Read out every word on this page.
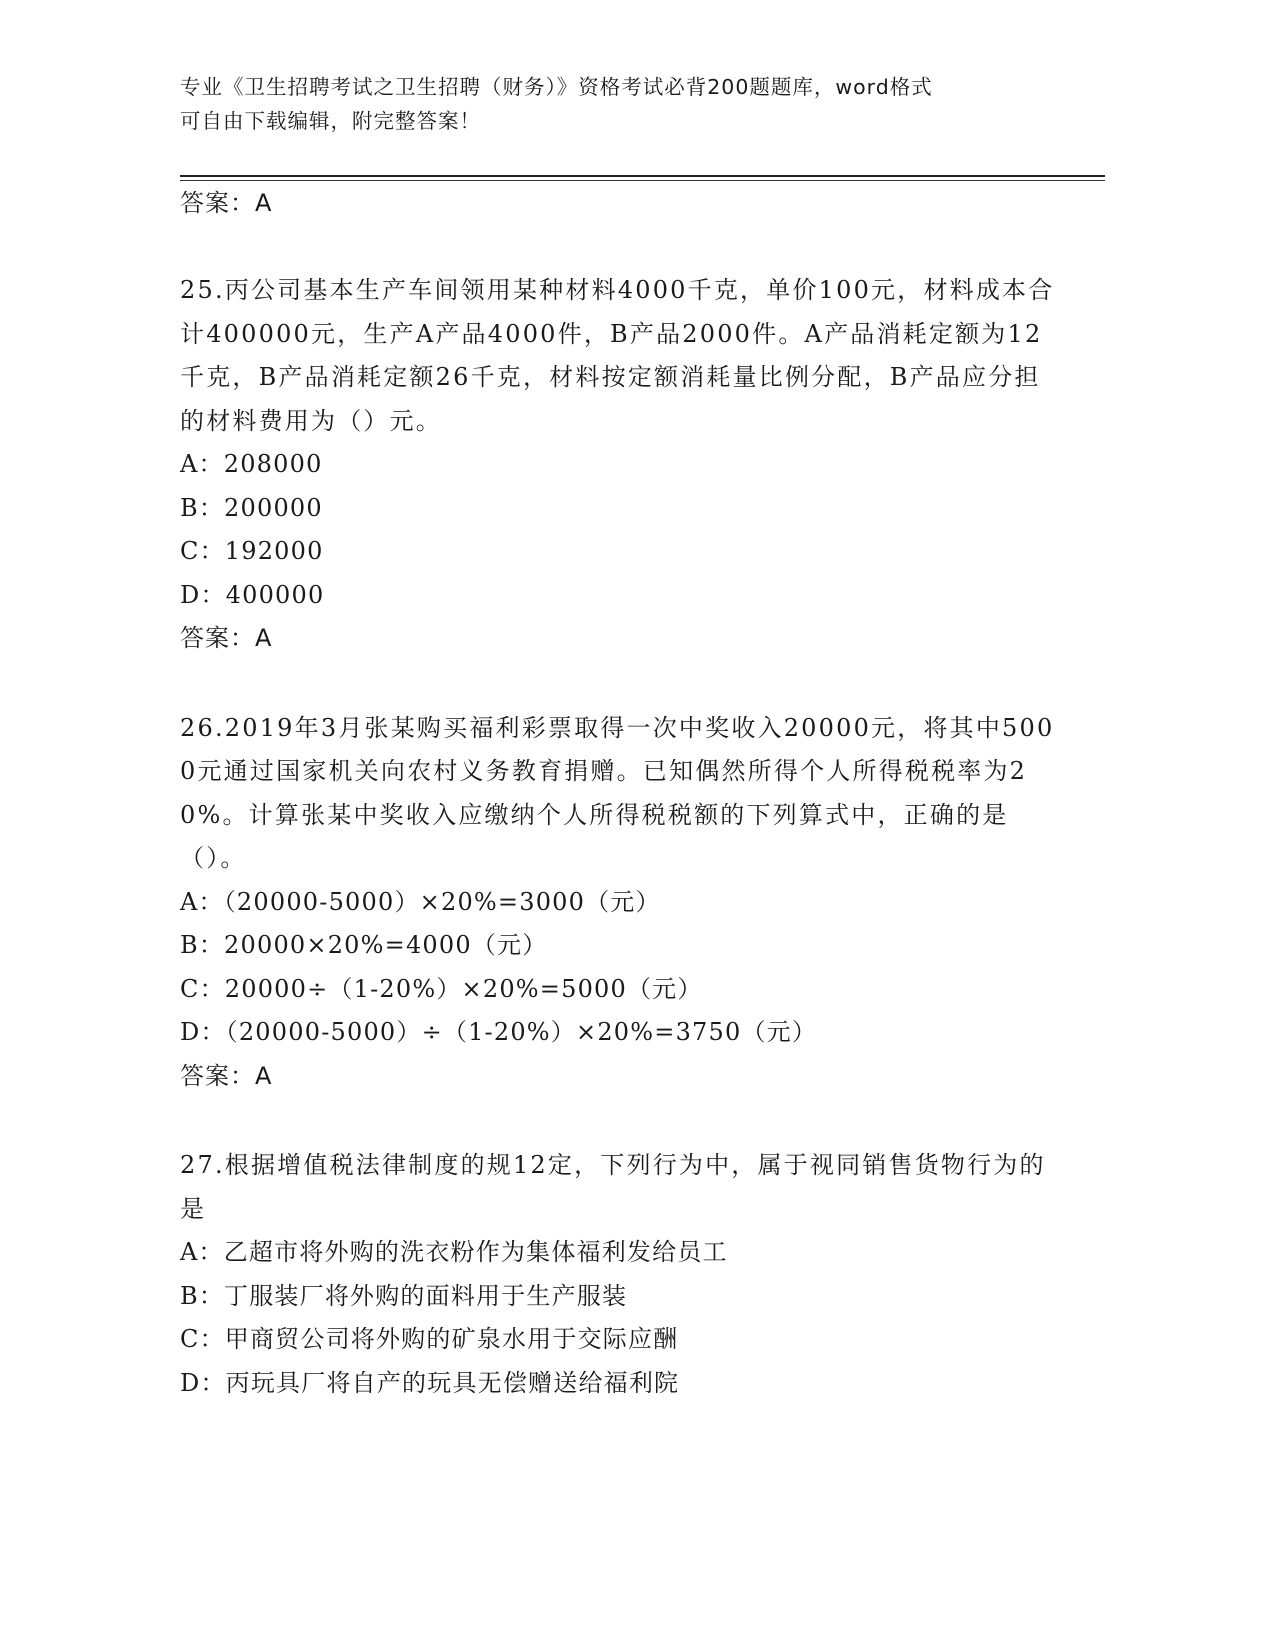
专业《卫生招聘考试之卫生招聘（财务）》资格考试必背200题题库，word格式
可自由下载编辑，附完整答案！

答案：A

25.丙公司基本生产车间领用某种材料4000千克，单价100元，材料成本合计400000元，生产A产品4000件，B产品2000件。A产品消耗定额为12千克，B产品消耗定额26千克，材料按定额消耗量比例分配，B产品应分担的材料费用为（）元。

A：208000

B：200000

C：192000

D：400000

答案：A

26.2019年3月张某购买福利彩票取得一次中奖收入20000元，将其中5000元通过国家机关向农村义务教育捐赠。已知偶然所得个人所得税税率为20%。计算张某中奖收入应缴纳个人所得税税额的下列算式中，正确的是（）。

A：（20000-5000）×20%=3000（元）

B：20000×20%=4000（元）

C：20000÷（1-20%）×20%=5000（元）

D：（20000-5000）÷（1-20%）×20%=3750（元）

答案：A

27.根据增值税法律制度的规12定，下列行为中，属于视同销售货物行为的是

A：乙超市将外购的洗衣粉作为集体福利发给员工

B：丁服装厂将外购的面料用于生产服装

C：甲商贸公司将外购的矿泉水用于交际应酬

D：丙玩具厂将自产的玩具无偿赠送给福利院
